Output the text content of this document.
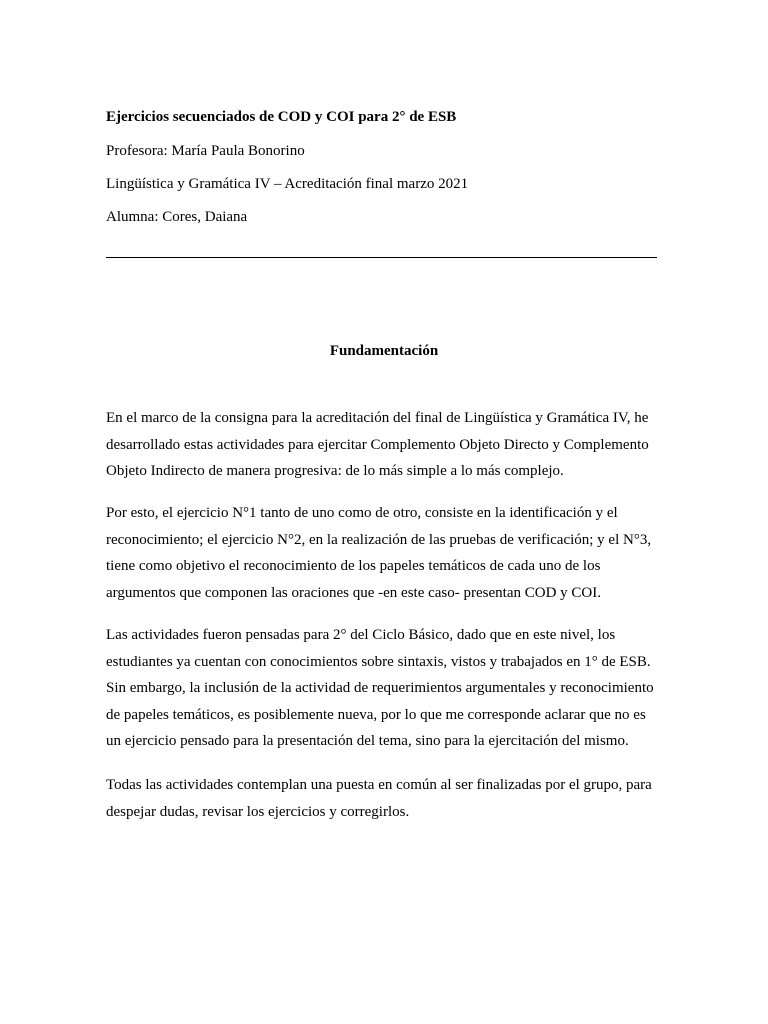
Ejercicios secuenciados de COD y COI para 2° de ESB
Profesora: María Paula Bonorino
Lingüística y Gramática IV – Acreditación final marzo 2021
Alumna: Cores, Daiana
Fundamentación

En el marco de la consigna para la acreditación del final de Lingüística y Gramática IV, he

desarrollado estas actividades para ejercitar Complemento Objeto Directo y Complemento

Objeto Indirecto de manera progresiva: de lo más simple a lo más complejo.

Por esto, el ejercicio N°1 tanto de uno como de otro, consiste en la identificación y el

reconocimiento; el ejercicio N°2, en la realización de las pruebas de verificación; y el N°3,

tiene como objetivo el reconocimiento de los papeles temáticos de cada uno de los

argumentos que componen las oraciones que -en este caso- presentan COD y COI.

Las actividades fueron pensadas para 2° del Ciclo Básico, dado que en este nivel, los

estudiantes ya cuentan con conocimientos sobre sintaxis, vistos y trabajados en 1° de ESB.

Sin embargo, la inclusión de la actividad de requerimientos argumentales y reconocimiento

de papeles temáticos, es posiblemente nueva, por lo que me corresponde aclarar que no es

un ejercicio pensado para la presentación del tema, sino para la ejercitación del mismo.

Todas las actividades contemplan una puesta en común al ser finalizadas por el grupo, para

despejar dudas, revisar los ejercicios y corregirlos.
